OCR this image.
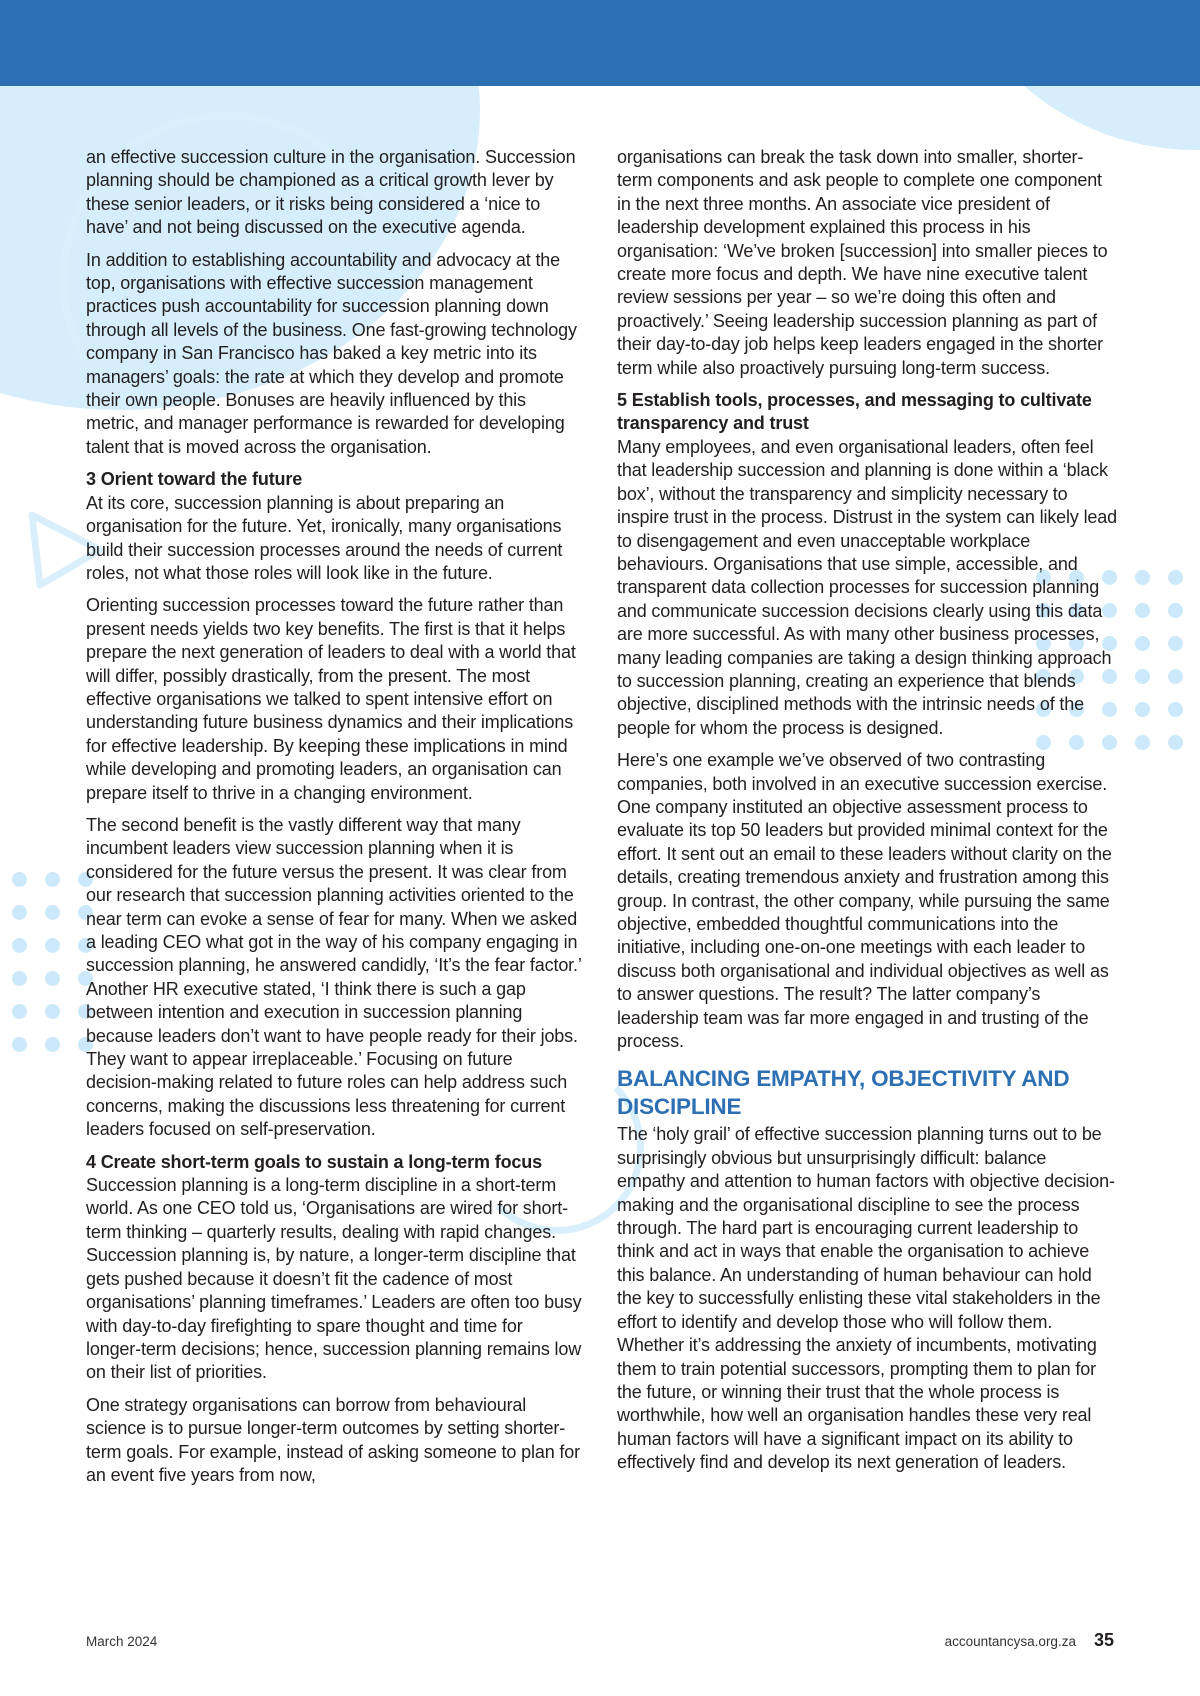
an effective succession culture in the organisation. Succession planning should be championed as a critical growth lever by these senior leaders, or it risks being considered a ‘nice to have’ and not being discussed on the executive agenda.

In addition to establishing accountability and advocacy at the top, organisations with effective succession management practices push accountability for succession planning down through all levels of the business. One fast-growing technology company in San Francisco has baked a key metric into its managers’ goals: the rate at which they develop and promote their own people. Bonuses are heavily influenced by this metric, and manager performance is rewarded for developing talent that is moved across the organisation.

3 Orient toward the future

At its core, succession planning is about preparing an organisation for the future. Yet, ironically, many organisations build their succession processes around the needs of current roles, not what those roles will look like in the future.

Orienting succession processes toward the future rather than present needs yields two key benefits. The first is that it helps prepare the next generation of leaders to deal with a world that will differ, possibly drastically, from the present. The most effective organisations we talked to spent intensive effort on understanding future business dynamics and their implications for effective leadership. By keeping these implications in mind while developing and promoting leaders, an organisation can prepare itself to thrive in a changing environment.

The second benefit is the vastly different way that many incumbent leaders view succession planning when it is considered for the future versus the present. It was clear from our research that succession planning activities oriented to the near term can evoke a sense of fear for many. When we asked a leading CEO what got in the way of his company engaging in succession planning, he answered candidly, ‘It’s the fear factor.’ Another HR executive stated, ‘I think there is such a gap between intention and execution in succession planning because leaders don’t want to have people ready for their jobs. They want to appear irreplaceable.’ Focusing on future decision-making related to future roles can help address such concerns, making the discussions less threatening for current leaders focused on self-preservation.

4 Create short-term goals to sustain a long-term focus

Succession planning is a long-term discipline in a short-term world. As one CEO told us, ‘Organisations are wired for short-term thinking – quarterly results, dealing with rapid changes. Succession planning is, by nature, a longer-term discipline that gets pushed because it doesn’t fit the cadence of most organisations’ planning timeframes.’ Leaders are often too busy with day-to-day firefighting to spare thought and time for longer-term decisions; hence, succession planning remains low on their list of priorities.

One strategy organisations can borrow from behavioural science is to pursue longer-term outcomes by setting shorter-term goals. For example, instead of asking someone to plan for an event five years from now,

organisations can break the task down into smaller, shorter-term components and ask people to complete one component in the next three months. An associate vice president of leadership development explained this process in his organisation: ‘We’ve broken [succession] into smaller pieces to create more focus and depth. We have nine executive talent review sessions per year – so we’re doing this often and proactively.’ Seeing leadership succession planning as part of their day-to-day job helps keep leaders engaged in the shorter term while also proactively pursuing long-term success.

5 Establish tools, processes, and messaging to cultivate transparency and trust

Many employees, and even organisational leaders, often feel that leadership succession and planning is done within a ‘black box’, without the transparency and simplicity necessary to inspire trust in the process. Distrust in the system can likely lead to disengagement and even unacceptable workplace behaviours. Organisations that use simple, accessible, and transparent data collection processes for succession planning and communicate succession decisions clearly using this data are more successful. As with many other business processes, many leading companies are taking a design thinking approach to succession planning, creating an experience that blends objective, disciplined methods with the intrinsic needs of the people for whom the process is designed.

Here’s one example we’ve observed of two contrasting companies, both involved in an executive succession exercise. One company instituted an objective assessment process to evaluate its top 50 leaders but provided minimal context for the effort. It sent out an email to these leaders without clarity on the details, creating tremendous anxiety and frustration among this group. In contrast, the other company, while pursuing the same objective, embedded thoughtful communications into the initiative, including one-on-one meetings with each leader to discuss both organisational and individual objectives as well as to answer questions. The result? The latter company’s leadership team was far more engaged in and trusting of the process.

BALANCING EMPATHY, OBJECTIVITY AND DISCIPLINE

The ‘holy grail’ of effective succession planning turns out to be surprisingly obvious but unsurprisingly difficult: balance empathy and attention to human factors with objective decision-making and the organisational discipline to see the process through. The hard part is encouraging current leadership to think and act in ways that enable the organisation to achieve this balance. An understanding of human behaviour can hold the key to successfully enlisting these vital stakeholders in the effort to identify and develop those who will follow them. Whether it’s addressing the anxiety of incumbents, motivating them to train potential successors, prompting them to plan for the future, or winning their trust that the whole process is worthwhile, how well an organisation handles these very real human factors will have a significant impact on its ability to effectively find and develop its next generation of leaders.

March 2024	accountancysa.org.za 35
